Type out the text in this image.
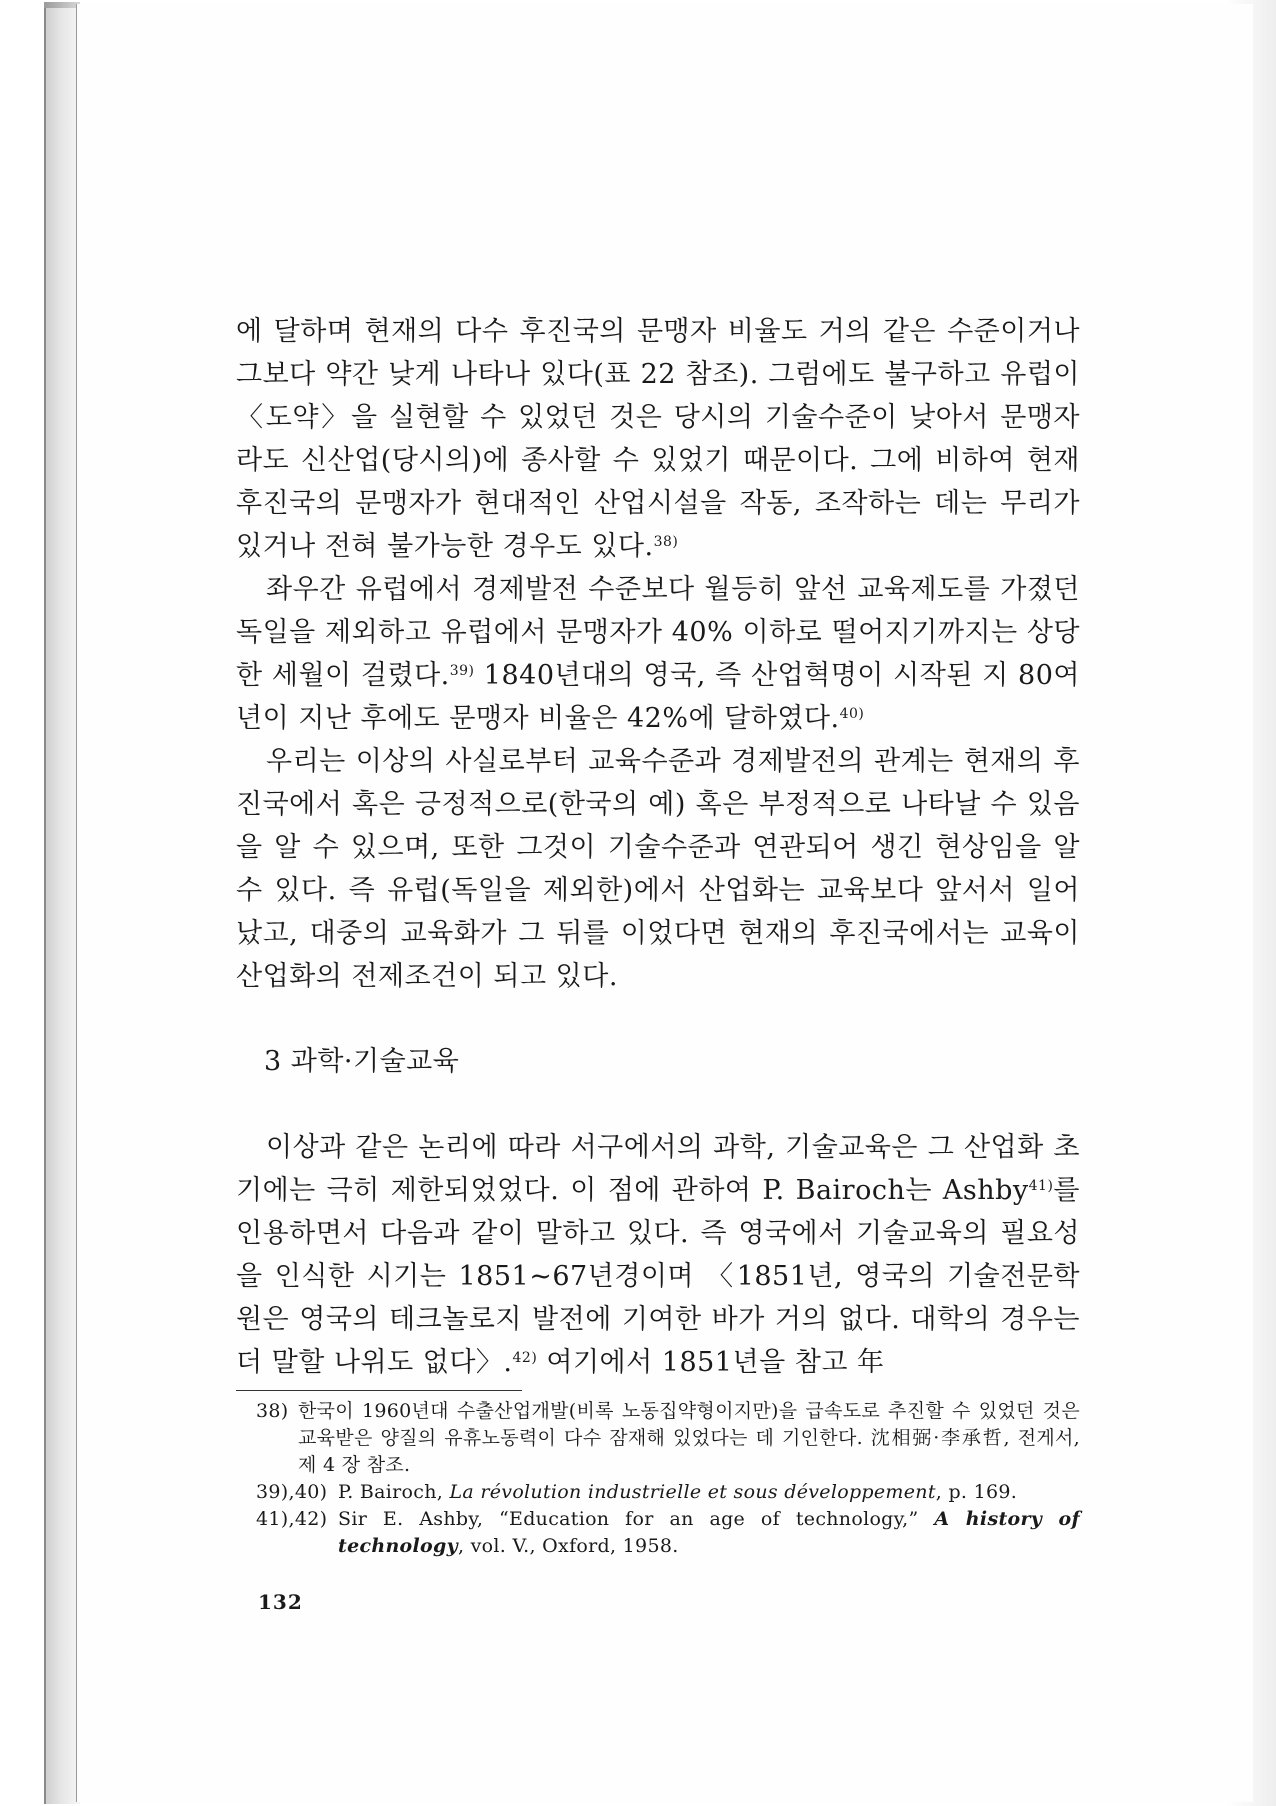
에 달하며 현재의 다수 후진국의 문맹자 비율도 거의 같은 수준이거나 그보다 약간 낮게 나타나 있다(표 22 참조). 그럼에도 불구하고 유럽이 〈도약〉을 실현할 수 있었던 것은 당시의 기술수준이 낮아서 문맹자라도 신산업(당시의)에 종사할 수 있었기 때문이다. 그에 비하여 현재 후진국의 문맹자가 현대적인 산업시설을 작동, 조작하는 데는 무리가 있거나 전혀 불가능한 경우도 있다.$^{38)}$

좌우간 유럽에서 경제발전 수준보다 월등히 앞선 교육제도를 가졌던 독일을 제외하고 유럽에서 문맹자가 40% 이하로 떨어지기까지는 상당한 세월이 걸렸다.$^{39)}$ 1840년대의 영국, 즉 산업혁명이 시작된 지 80여년이 지난 후에도 문맹자 비율은 42%에 달하였다.$^{40)}$

우리는 이상의 사실로부터 교육수준과 경제발전의 관계는 현재의 후진국에서 혹은 긍정적으로(한국의 예) 혹은 부정적으로 나타날 수 있음을 알 수 있으며, 또한 그것이 기술수준과 연관되어 생긴 현상임을 알 수 있다. 즉 유럽(독일을 제외한)에서 산업화는 교육보다 앞서서 일어났고, 대중의 교육화가 그 뒤를 이었다면 현재의 후진국에서는 교육이 산업화의 전제조건이 되고 있다.

3 과학·기술교육

이상과 같은 논리에 따라 서구에서의 과학, 기술교육은 그 산업화 초기에는 극히 제한되었었다. 이 점에 관하여 P. Bairoch는 Ashby$^{41)}$를 인용하면서 다음과 같이 말하고 있다. 즉 영국에서 기술교육의 필요성을 인식한 시기는 1851~67년경이며 〈1851년, 영국의 기술전문학원은 영국의 테크놀로지 발전에 기여한 바가 거의 없다. 대학의 경우는 더 말할 나위도 없다〉.$^{42)}$ 여기에서 1851년을 참고 年

38) 한국이 1960년대 수출산업개발(비록 노동집약형이지만)을 급속도로 추진할 수 있었던 것은 교육받은 양질의 유휴노동력이 다수 잠재해 있었다는 데 기인한다. 沈相弼·李承哲, 전게서, 제 4 장 참조.
39),40) P. Bairoch, La révolution industrielle et sous développement, p. 169.
41),42) Sir E. Ashby, “Education for an age of technology,” A history of technology, vol. V., Oxford, 1958.
132
